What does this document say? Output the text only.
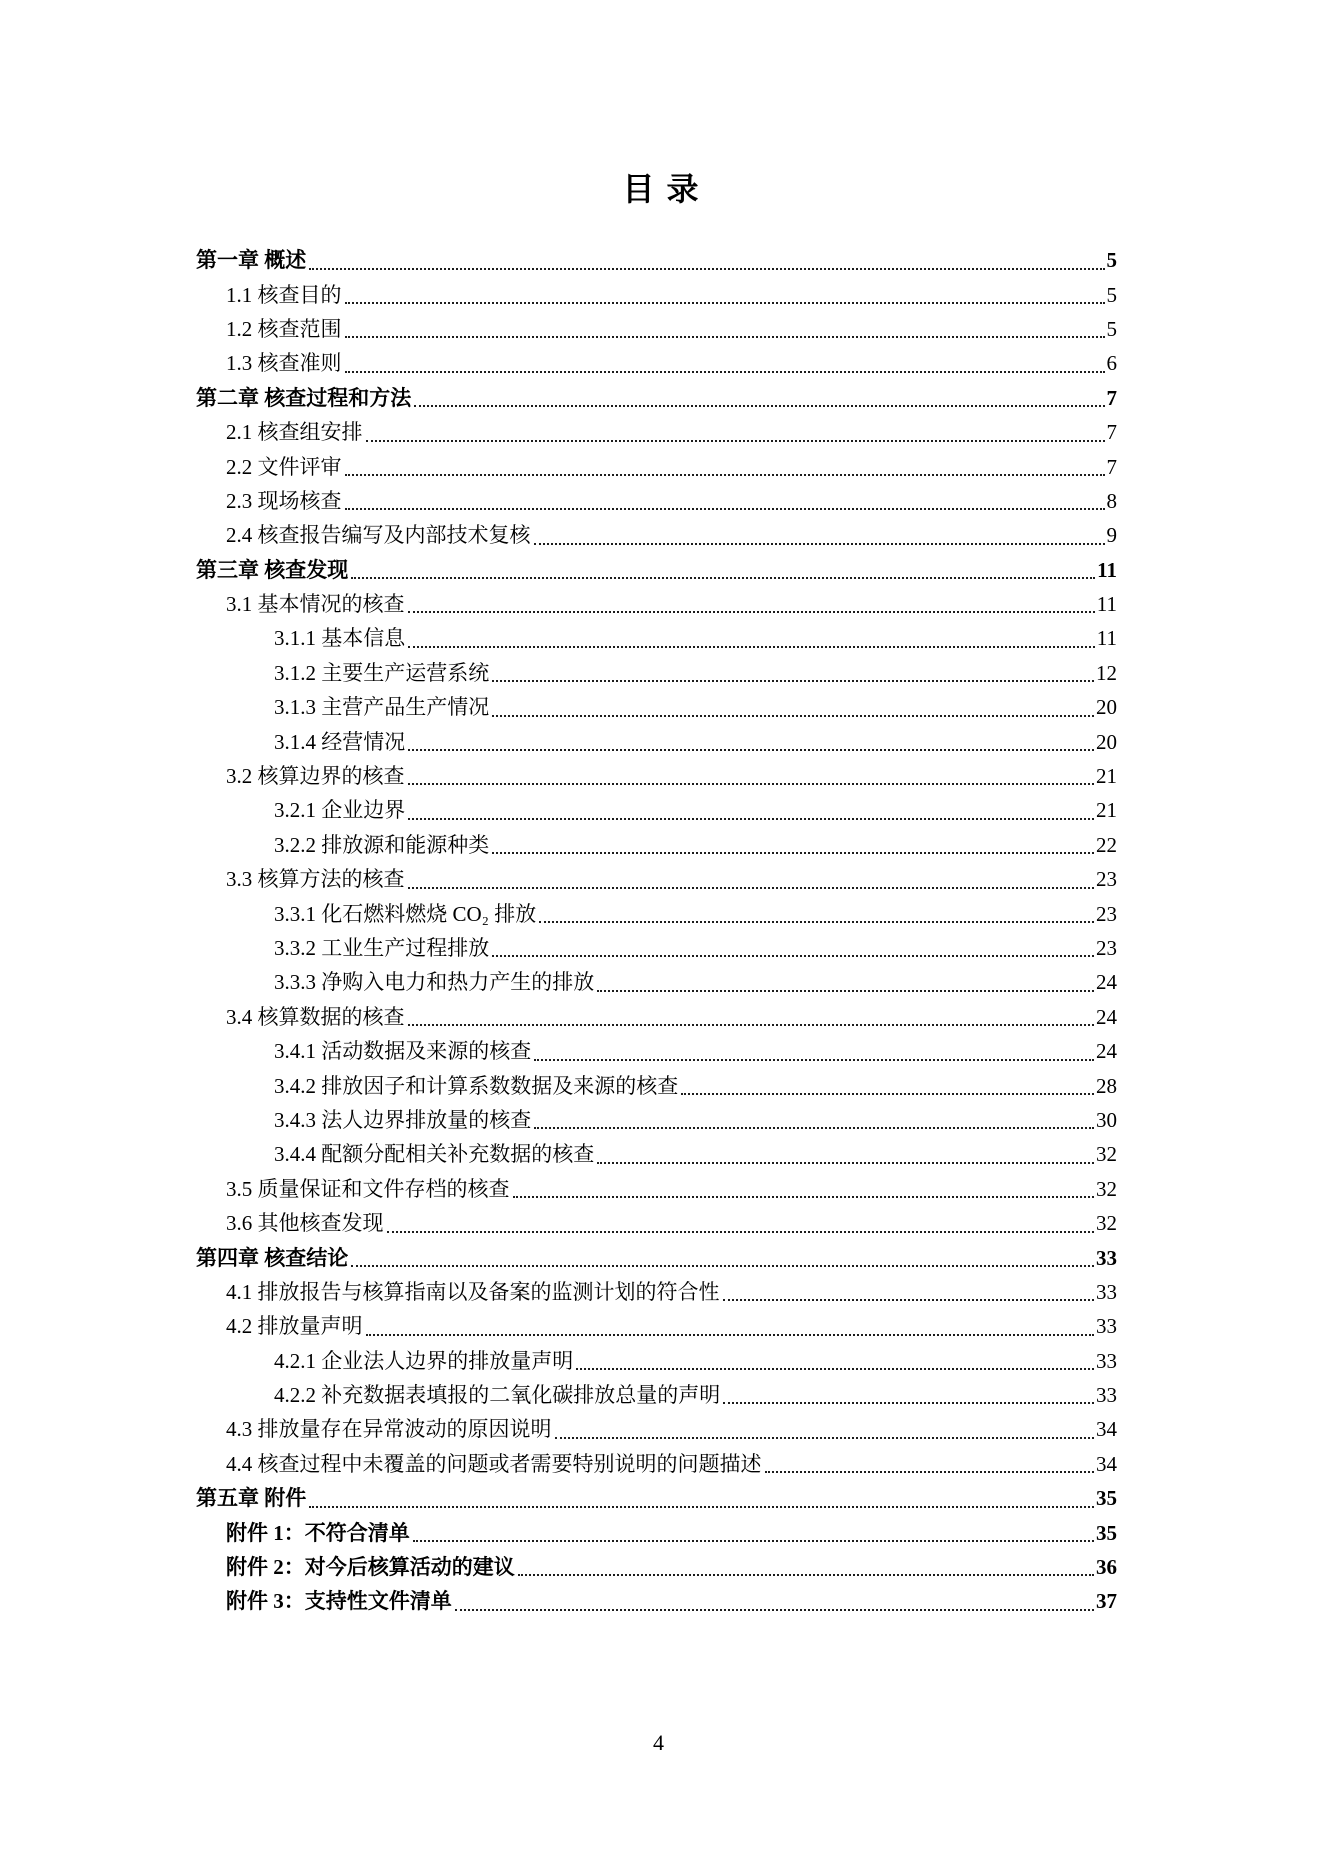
目 录
第一章 概述	5
1.1 核查目的	5
1.2 核查范围	5
1.3 核查准则	6
第二章 核查过程和方法	7
2.1 核查组安排	7
2.2 文件评审	7
2.3 现场核查	8
2.4 核查报告编写及内部技术复核	9
第三章 核查发现	11
3.1 基本情况的核查	11
3.1.1 基本信息	11
3.1.2 主要生产运营系统	12
3.1.3 主营产品生产情况	20
3.1.4 经营情况	20
3.2 核算边界的核查	21
3.2.1 企业边界	21
3.2.2 排放源和能源种类	22
3.3 核算方法的核查	23
3.3.1 化石燃料燃烧 CO₂ 排放	23
3.3.2 工业生产过程排放	23
3.3.3 净购入电力和热力产生的排放	24
3.4 核算数据的核查	24
3.4.1 活动数据及来源的核查	24
3.4.2 排放因子和计算系数数据及来源的核查	28
3.4.3 法人边界排放量的核查	30
3.4.4 配额分配相关补充数据的核查	32
3.5 质量保证和文件存档的核查	32
3.6 其他核查发现	32
第四章 核查结论	33
4.1 排放报告与核算指南以及备案的监测计划的符合性	33
4.2 排放量声明	33
4.2.1 企业法人边界的排放量声明	33
4.2.2 补充数据表填报的二氧化碳排放总量的声明	33
4.3 排放量存在异常波动的原因说明	34
4.4 核查过程中未覆盖的问题或者需要特别说明的问题描述	34
第五章 附件	35
附件 1：不符合清单	35
附件 2：对今后核算活动的建议	36
附件 3：支持性文件清单	37
4
